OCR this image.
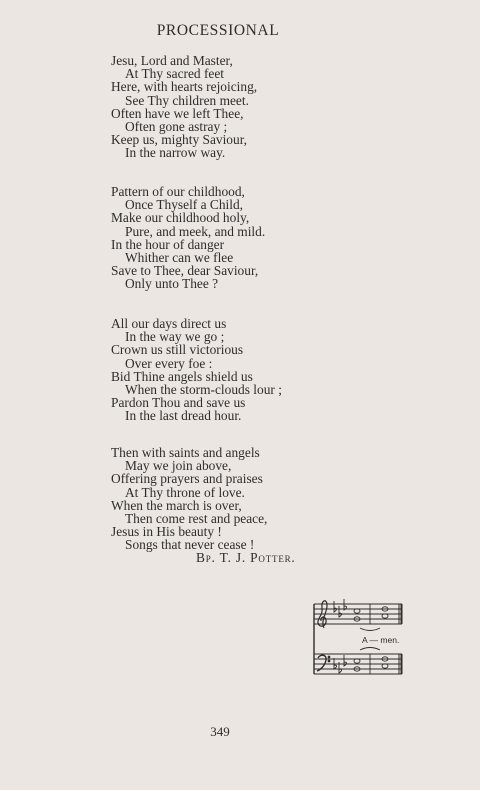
PROCESSIONAL
Jesu, Lord and Master,
At Thy sacred feet
Here, with hearts rejoicing,
See Thy children meet.
Often have we left Thee,
Often gone astray ;
Keep us, mighty Saviour,
In the narrow way.
Pattern of our childhood,
Once Thyself a Child,
Make our childhood holy,
Pure, and meek, and mild.
In the hour of danger
Whither can we flee
Save to Thee, dear Saviour,
Only unto Thee ?
All our days direct us
In the way we go ;
Crown us still victorious
Over every foe :
Bid Thine angels shield us
When the storm-clouds lour ;
Pardon Thou and save us
In the last dread hour.
Then with saints and angels
May we join above,
Offering prayers and praises
At Thy throne of love.
When the march is over,
Then come rest and peace,
Jesus in His beauty !
Songs that never cease !
Bp. T. J. Potter.
A — men.
349
